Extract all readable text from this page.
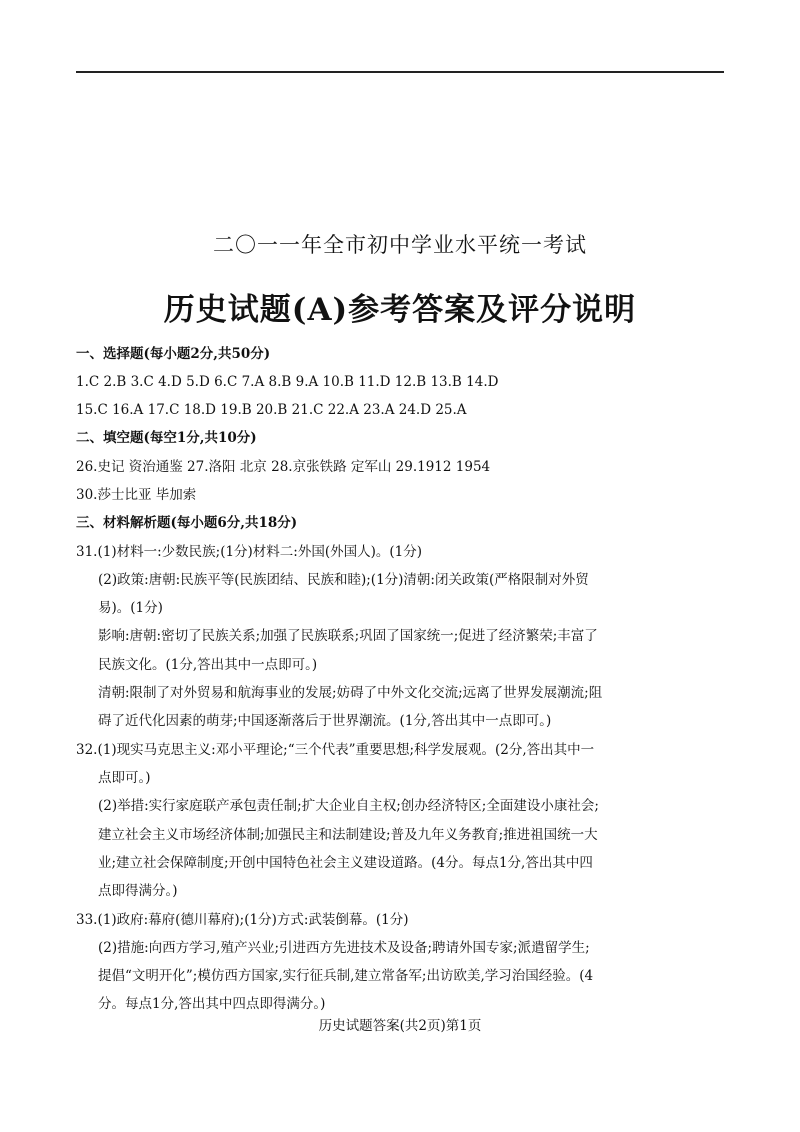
二〇一一年全市初中学业水平统一考试
历史试题(A)参考答案及评分说明
一、选择题(每小题2分,共50分)
1.C 2.B 3.C 4.D 5.D 6.C 7.A 8.B 9.A 10.B 11.D 12.B 13.B 14.D
15.C 16.A 17.C 18.D 19.B 20.B 21.C 22.A 23.A 24.D 25.A
二、填空题(每空1分,共10分)
26.史记 资治通鉴 27.洛阳 北京 28.京张铁路 定军山 29.1912 1954
30.莎士比亚 毕加索
三、材料解析题(每小题6分,共18分)
31.(1)材料一:少数民族;(1分)材料二:外国(外国人)。(1分)
(2)政策:唐朝:民族平等(民族团结、民族和睦);(1分)清朝:闭关政策(严格限制对外贸
易)。(1分)
影响:唐朝:密切了民族关系;加强了民族联系;巩固了国家统一;促进了经济繁荣;丰富了
民族文化。(1分,答出其中一点即可。)
清朝:限制了对外贸易和航海事业的发展;妨碍了中外文化交流;远离了世界发展潮流;阻
碍了近代化因素的萌芽;中国逐渐落后于世界潮流。(1分,答出其中一点即可。)
32.(1)现实马克思主义:邓小平理论;“三个代表”重要思想;科学发展观。(2分,答出其中一
点即可。)
(2)举措:实行家庭联产承包责任制;扩大企业自主权;创办经济特区;全面建设小康社会;
建立社会主义市场经济体制;加强民主和法制建设;普及九年义务教育;推进祖国统一大
业;建立社会保障制度;开创中国特色社会主义建设道路。(4分。每点1分,答出其中四
点即得满分。)
33.(1)政府:幕府(德川幕府);(1分)方式:武装倒幕。(1分)
(2)措施:向西方学习,殖产兴业;引进西方先进技术及设备;聘请外国专家;派遣留学生;
提倡“文明开化”;模仿西方国家,实行征兵制,建立常备军;出访欧美,学习治国经验。(4
分。每点1分,答出其中四点即得满分。)
历史试题答案(共2页)第1页
